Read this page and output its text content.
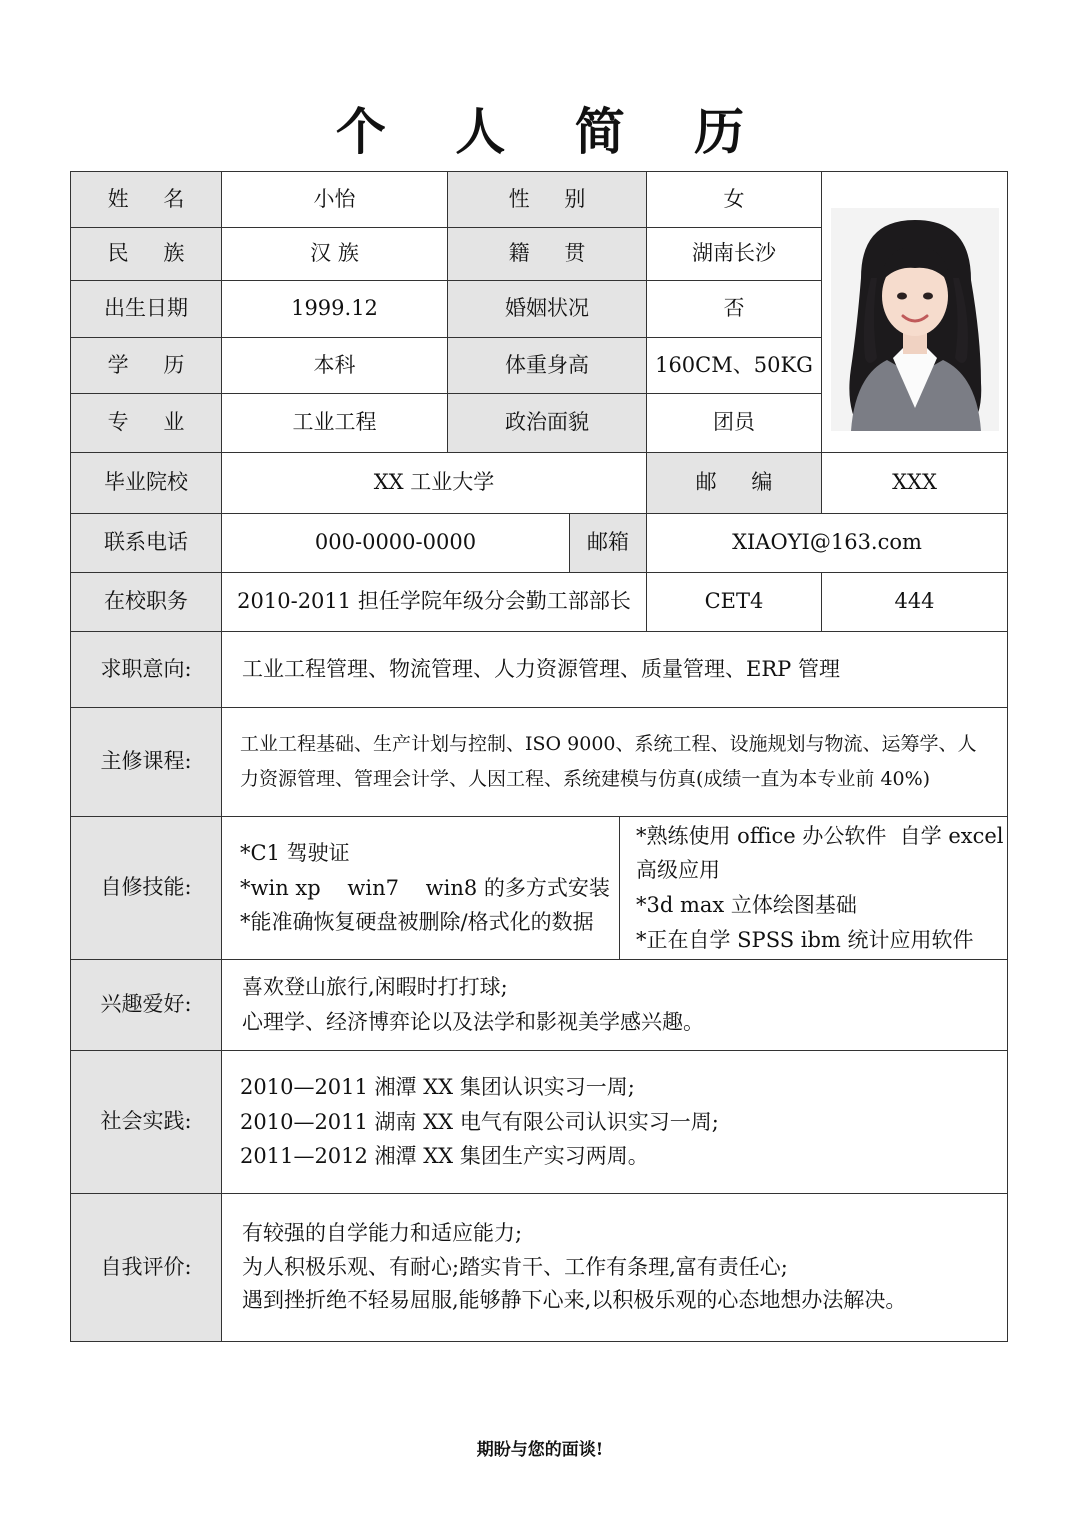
个 人 简 历
姓 名	小怡	性 别	女
民 族	汉 族	籍 贯	湖南长沙
出生日期	1999.12	婚姻状况	否
学 历	本科	体重身高	160CM、50KG
专 业	工业工程	政治面貌	团员
毕业院校	XX 工业大学	邮 编	XXX
联系电话	000-0000-0000	邮箱	XIAOYI@163.com
在校职务	2010-2011 担任学院年级分会勤工部部长	CET4	444
求职意向:	工业工程管理、物流管理、人力资源管理、质量管理、ERP 管理
主修课程:
工业工程基础、生产计划与控制、ISO 9000、系统工程、设施规划与物流、运筹学、人
力资源管理、管理会计学、人因工程、系统建模与仿真(成绩一直为本专业前 40%)
自修技能:
*C1 驾驶证
*win xp    win7    win8 的多方式安装
*能准确恢复硬盘被删除/格式化的数据
*熟练使用 office 办公软件  自学 excel
高级应用
*3d max 立体绘图基础
*正在自学 SPSS ibm 统计应用软件
兴趣爱好:
喜欢登山旅行,闲暇时打打球;
心理学、经济博弈论以及法学和影视美学感兴趣。
社会实践:
2010—2011 湘潭 XX 集团认识实习一周;
2010—2011 湖南 XX 电气有限公司认识实习一周;
2011—2012 湘潭 XX 集团生产实习两周。
自我评价:
有较强的自学能力和适应能力;
为人积极乐观、有耐心;踏实肯干、工作有条理,富有责任心;
遇到挫折绝不轻易屈服,能够静下心来,以积极乐观的心态地想办法解决。
期盼与您的面谈!
